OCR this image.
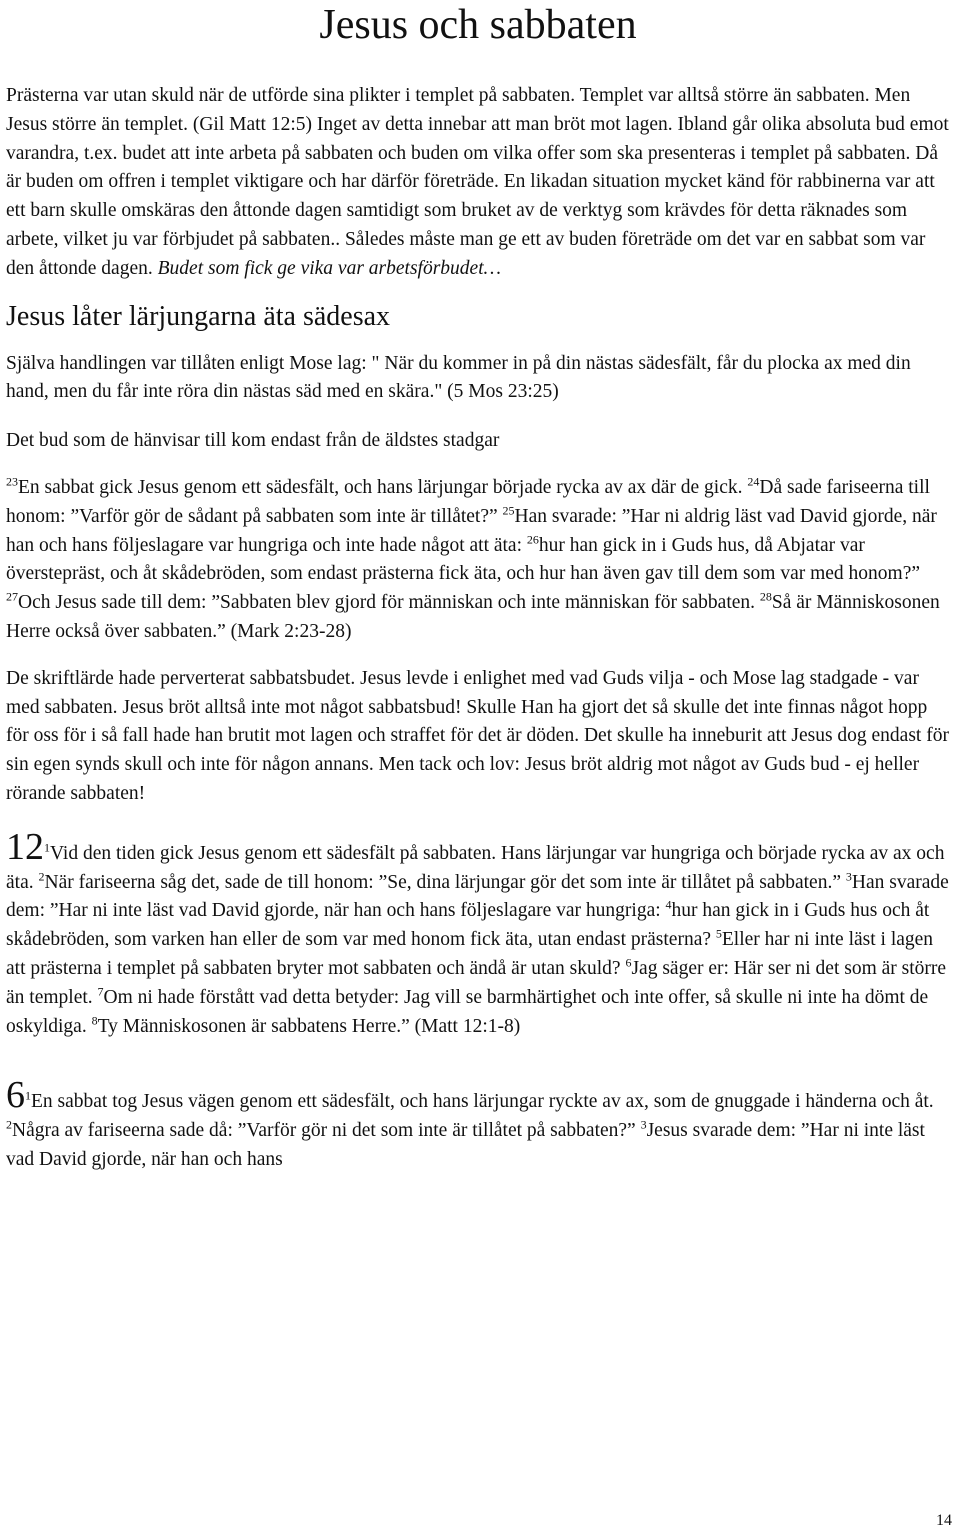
Jesus och sabbaten

Prästerna var utan skuld när de utförde sina plikter i templet på sabbaten. Templet var alltså större än sabbaten. Men Jesus större än templet. (Gil Matt 12:5) Inget av detta innebar att man bröt mot lagen. Ibland går olika absoluta bud emot varandra, t.ex. budet att inte arbeta på sabbaten och buden om vilka offer som ska presenteras i templet på sabbaten. Då är buden om offren i templet viktigare och har därför företräde. En likadan situation mycket känd för rabbinerna var att ett barn skulle omskäras den åttonde dagen samtidigt som bruket av de verktyg som krävdes för detta räknades som arbete, vilket ju var förbjudet på sabbaten.. Således måste man ge ett av buden företräde om det var en sabbat som var den åttonde dagen. Budet som fick ge vika var arbetsförbudet…

Jesus låter lärjungarna äta sädesax

Själva handlingen var tillåten enligt Mose lag: " När du kommer in på din nästas sädesfält, får du plocka ax med din hand, men du får inte röra din nästas säd med en skära." (5 Mos 23:25)

Det bud som de hänvisar till kom endast från de äldstes stadgar

$^{23}$En sabbat gick Jesus genom ett sädesfält, och hans lärjungar började rycka av ax där de gick. $^{24}$Då sade fariseerna till honom: ”Varför gör de sådant på sabbaten som inte är tillåtet?” $^{25}$Han svarade: ”Har ni aldrig läst vad David gjorde, när han och hans följeslagare var hungriga och inte hade något att äta: $^{26}$hur han gick in i Guds hus, då Abjatar var överstepräst, och åt skådebröden, som endast prästerna fick äta, och hur han även gav till dem som var med honom?” $^{27}$Och Jesus sade till dem: ”Sabbaten blev gjord för människan och inte människan för sabbaten. $^{28}$Så är Människosonen Herre också över sabbaten.” (Mark 2:23-28)

De skriftlärde hade perverterat sabbatsbudet. Jesus levde i enlighet med vad Guds vilja - och Mose lag stadgade - var med sabbaten. Jesus bröt alltså inte mot något sabbatsbud! Skulle Han ha gjort det så skulle det inte finnas något hopp för oss för i så fall hade han brutit mot lagen och straffet för det är döden. Det skulle ha inneburit att Jesus dog endast för sin egen synds skull och inte för någon annans. Men tack och lov: Jesus bröt aldrig mot något av Guds bud - ej heller rörande sabbaten!

$12^1Vid$ den tiden gick Jesus genom ett sädesfält på sabbaten. Hans lärjungar var hungriga och började rycka av ax och äta. $^2$När fariseerna såg det, sade de till honom: ”Se, dina lärjungar gör det som inte är tillåtet på sabbaten.” $^3$Han svarade dem: ”Har ni inte läst vad David gjorde, när han och hans följeslagare var hungriga: $^4$hur han gick in i Guds hus och åt skådebröden, som varken han eller de som var med honom fick äta, utan endast prästerna? $^5$Eller har ni inte läst i lagen att prästerna i templet på sabbaten bryter mot sabbaten och ändå är utan skuld? $^6$Jag säger er: Här ser ni det som är större än templet. $^7$Om ni hade förstått vad detta betyder: Jag vill se barmhärtighet och inte offer, så skulle ni inte ha dömt de oskyldiga. $^8$Ty Människosonen är sabbatens Herre.” (Matt 12:1-8)

$6^1En$ sabbat tog Jesus vägen genom ett sädesfält, och hans lärjungar ryckte av ax, som de gnuggade i händerna och åt. $^2$Några av fariseerna sade då: ”Varför gör ni det som inte är tillåtet på sabbaten?” $^3$Jesus svarade dem: ”Har ni inte läst vad David gjorde, när han och hans

14
